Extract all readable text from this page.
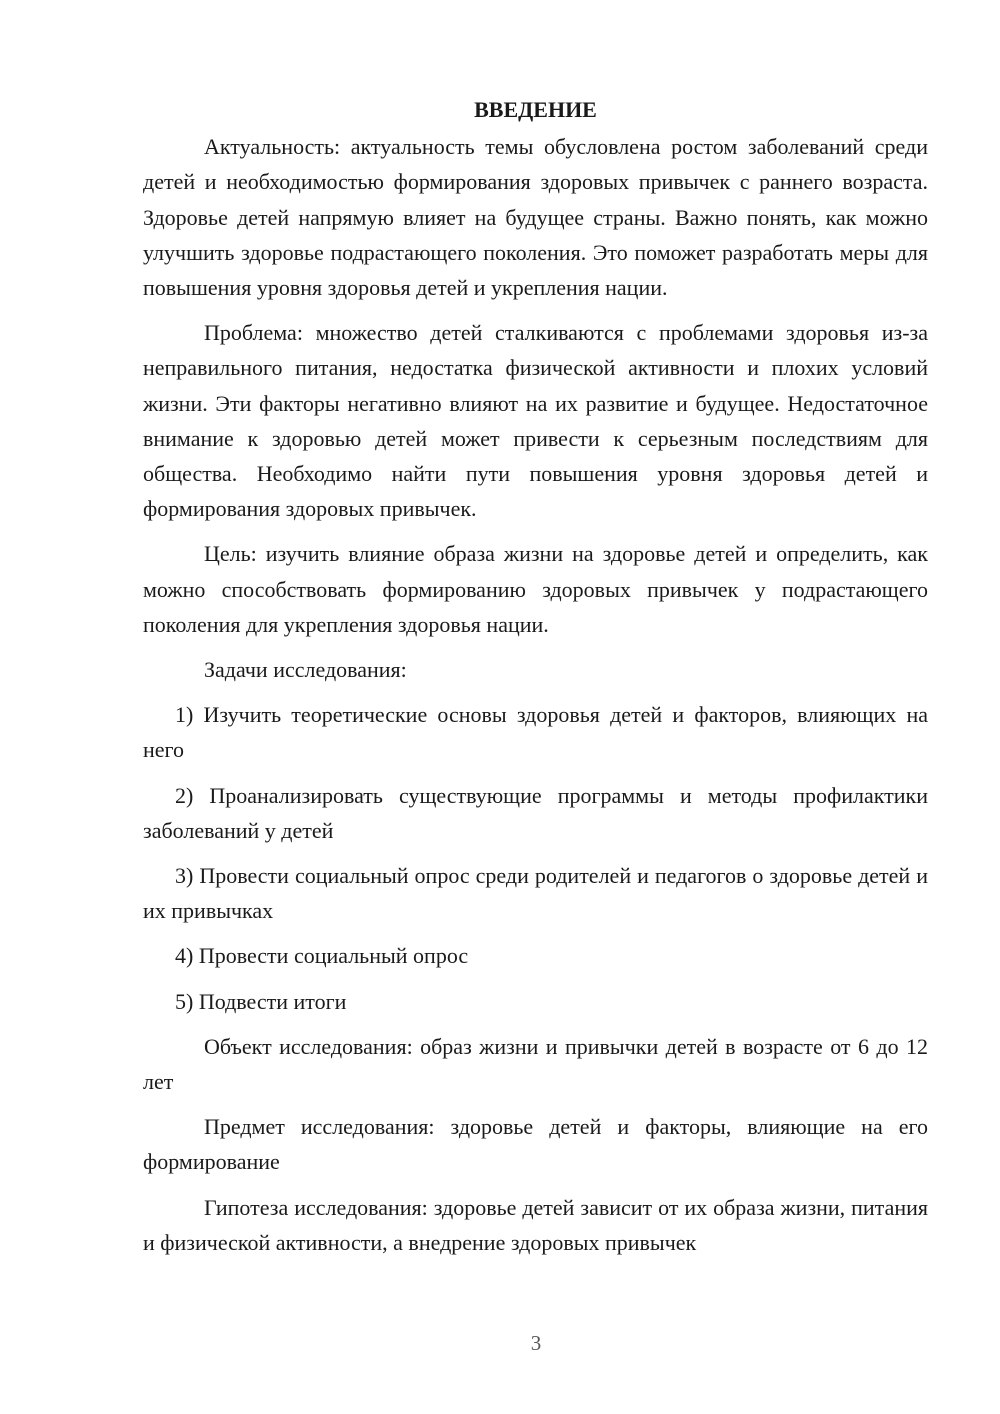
ВВЕДЕНИЕ

Актуальность: актуальность темы обусловлена ростом заболеваний среди детей и необходимостью формирования здоровых привычек с раннего возраста. Здоровье детей напрямую влияет на будущее страны. Важно понять, как можно улучшить здоровье подрастающего поколения. Это поможет разработать меры для повышения уровня здоровья детей и укрепления нации.

Проблема: множество детей сталкиваются с проблемами здоровья из-за неправильного питания, недостатка физической активности и плохих условий жизни. Эти факторы негативно влияют на их развитие и будущее. Недостаточное внимание к здоровью детей может привести к серьезным последствиям для общества. Необходимо найти пути повышения уровня здоровья детей и формирования здоровых привычек.

Цель: изучить влияние образа жизни на здоровье детей и определить, как можно способствовать формированию здоровых привычек у подрастающего поколения для укрепления здоровья нации.

Задачи исследования:

1) Изучить теоретические основы здоровья детей и факторов, влияющих на него

2) Проанализировать существующие программы и методы профилактики заболеваний у детей

3) Провести социальный опрос среди родителей и педагогов о здоровье детей и их привычках

4) Провести социальный опрос

5) Подвести итоги

Объект исследования: образ жизни и привычки детей в возрасте от 6 до 12 лет

Предмет исследования: здоровье детей и факторы, влияющие на его формирование

Гипотеза исследования: здоровье детей зависит от их образа жизни, питания и физической активности, а внедрение здоровых привычек

3
